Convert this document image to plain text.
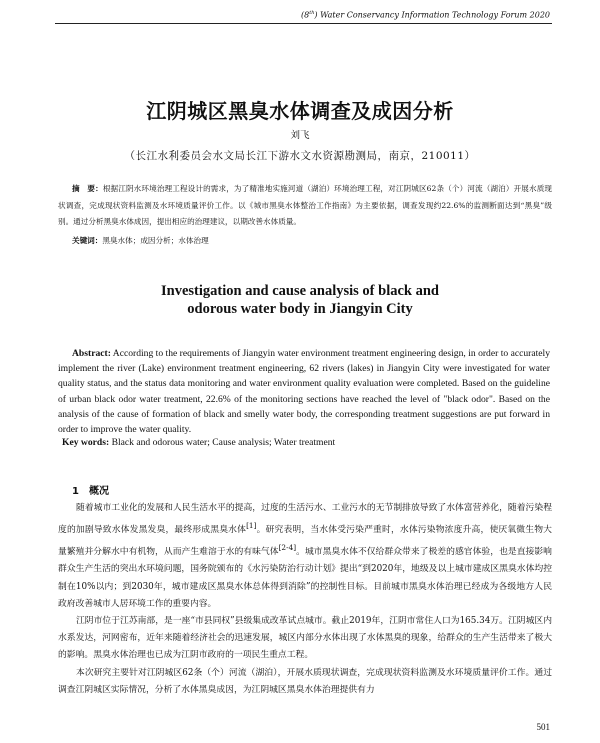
(8th) Water Conservancy Information Technology Forum 2020
江阴城区黑臭水体调查及成因分析
刘飞
（长江水利委员会水文局长江下游水文水资源勘测局，南京，210011）

摘　要：根据江阴水环境治理工程设计的需求，为了精准地实施河道（湖泊）环境治理工程，对江阴城区62条（个）河流（湖泊）开展水质现状调查，完成现状资料监测及水环境质量评价工作。以《城市黑臭水体整治工作指南》为主要依据，调查发现约22.6%的监测断面达到“黑臭”级别。通过分析黑臭水体成因，提出相应的治理建议，以期改善水体质量。

关键词：黑臭水体；成因分析；水体治理
Investigation and cause analysis of black and
odorous water body in Jiangyin City

Abstract: According to the requirements of Jiangyin water environment treatment engineering design, in order to accurately implement the river (Lake) environment treatment engineering, 62 rivers (lakes) in Jiangyin City were investigated for water quality status, and the status data monitoring and water environment quality evaluation were completed. Based on the guideline of urban black odor water treatment, 22.6% of the monitoring sections have reached the level of "black odor". Based on the analysis of the cause of formation of black and smelly water body, the corresponding treatment suggestions are put forward in order to improve the water quality.

Key words: Black and odorous water; Cause analysis; Water treatment
1 概况

随着城市工业化的发展和人民生活水平的提高，过度的生活污水、工业污水的无节制排放导致了水体富营养化，随着污染程度的加剧导致水体发黑发臭，最终形成黑臭水体[1]。研究表明，当水体受污染严重时，水体污染物浓度升高，使厌氧微生物大量繁殖并分解水中有机物，从而产生难溶于水的有味气体[2-4]。城市黑臭水体不仅给群众带来了极差的感官体验，也是直接影响群众生产生活的突出水环境问题，国务院颁布的《水污染防治行动计划》提出“到2020年，地级及以上城市建成区黑臭水体均控制在10%以内；到2030年，城市建成区黑臭水体总体得到消除”的控制性目标。目前城市黑臭水体治理已经成为各级地方人民政府改善城市人居环境工作的重要内容。

江阴市位于江苏南部，是一座“市县同权”县级集成改革试点城市。截止2019年，江阴市常住人口为165.34万。江阴城区内水系发达，河网密布，近年来随着经济社会的迅速发展，城区内部分水体出现了水体黑臭的现象，给群众的生产生活带来了极大的影响。黑臭水体治理也已成为江阴市政府的一项民生重点工程。

本次研究主要针对江阴城区62条（个）河流（湖泊），开展水质现状调查，完成现状资料监测及水环境质量评价工作。通过调查江阴城区实际情况，分析了水体黑臭成因，为江阴城区黑臭水体治理提供有力

501
